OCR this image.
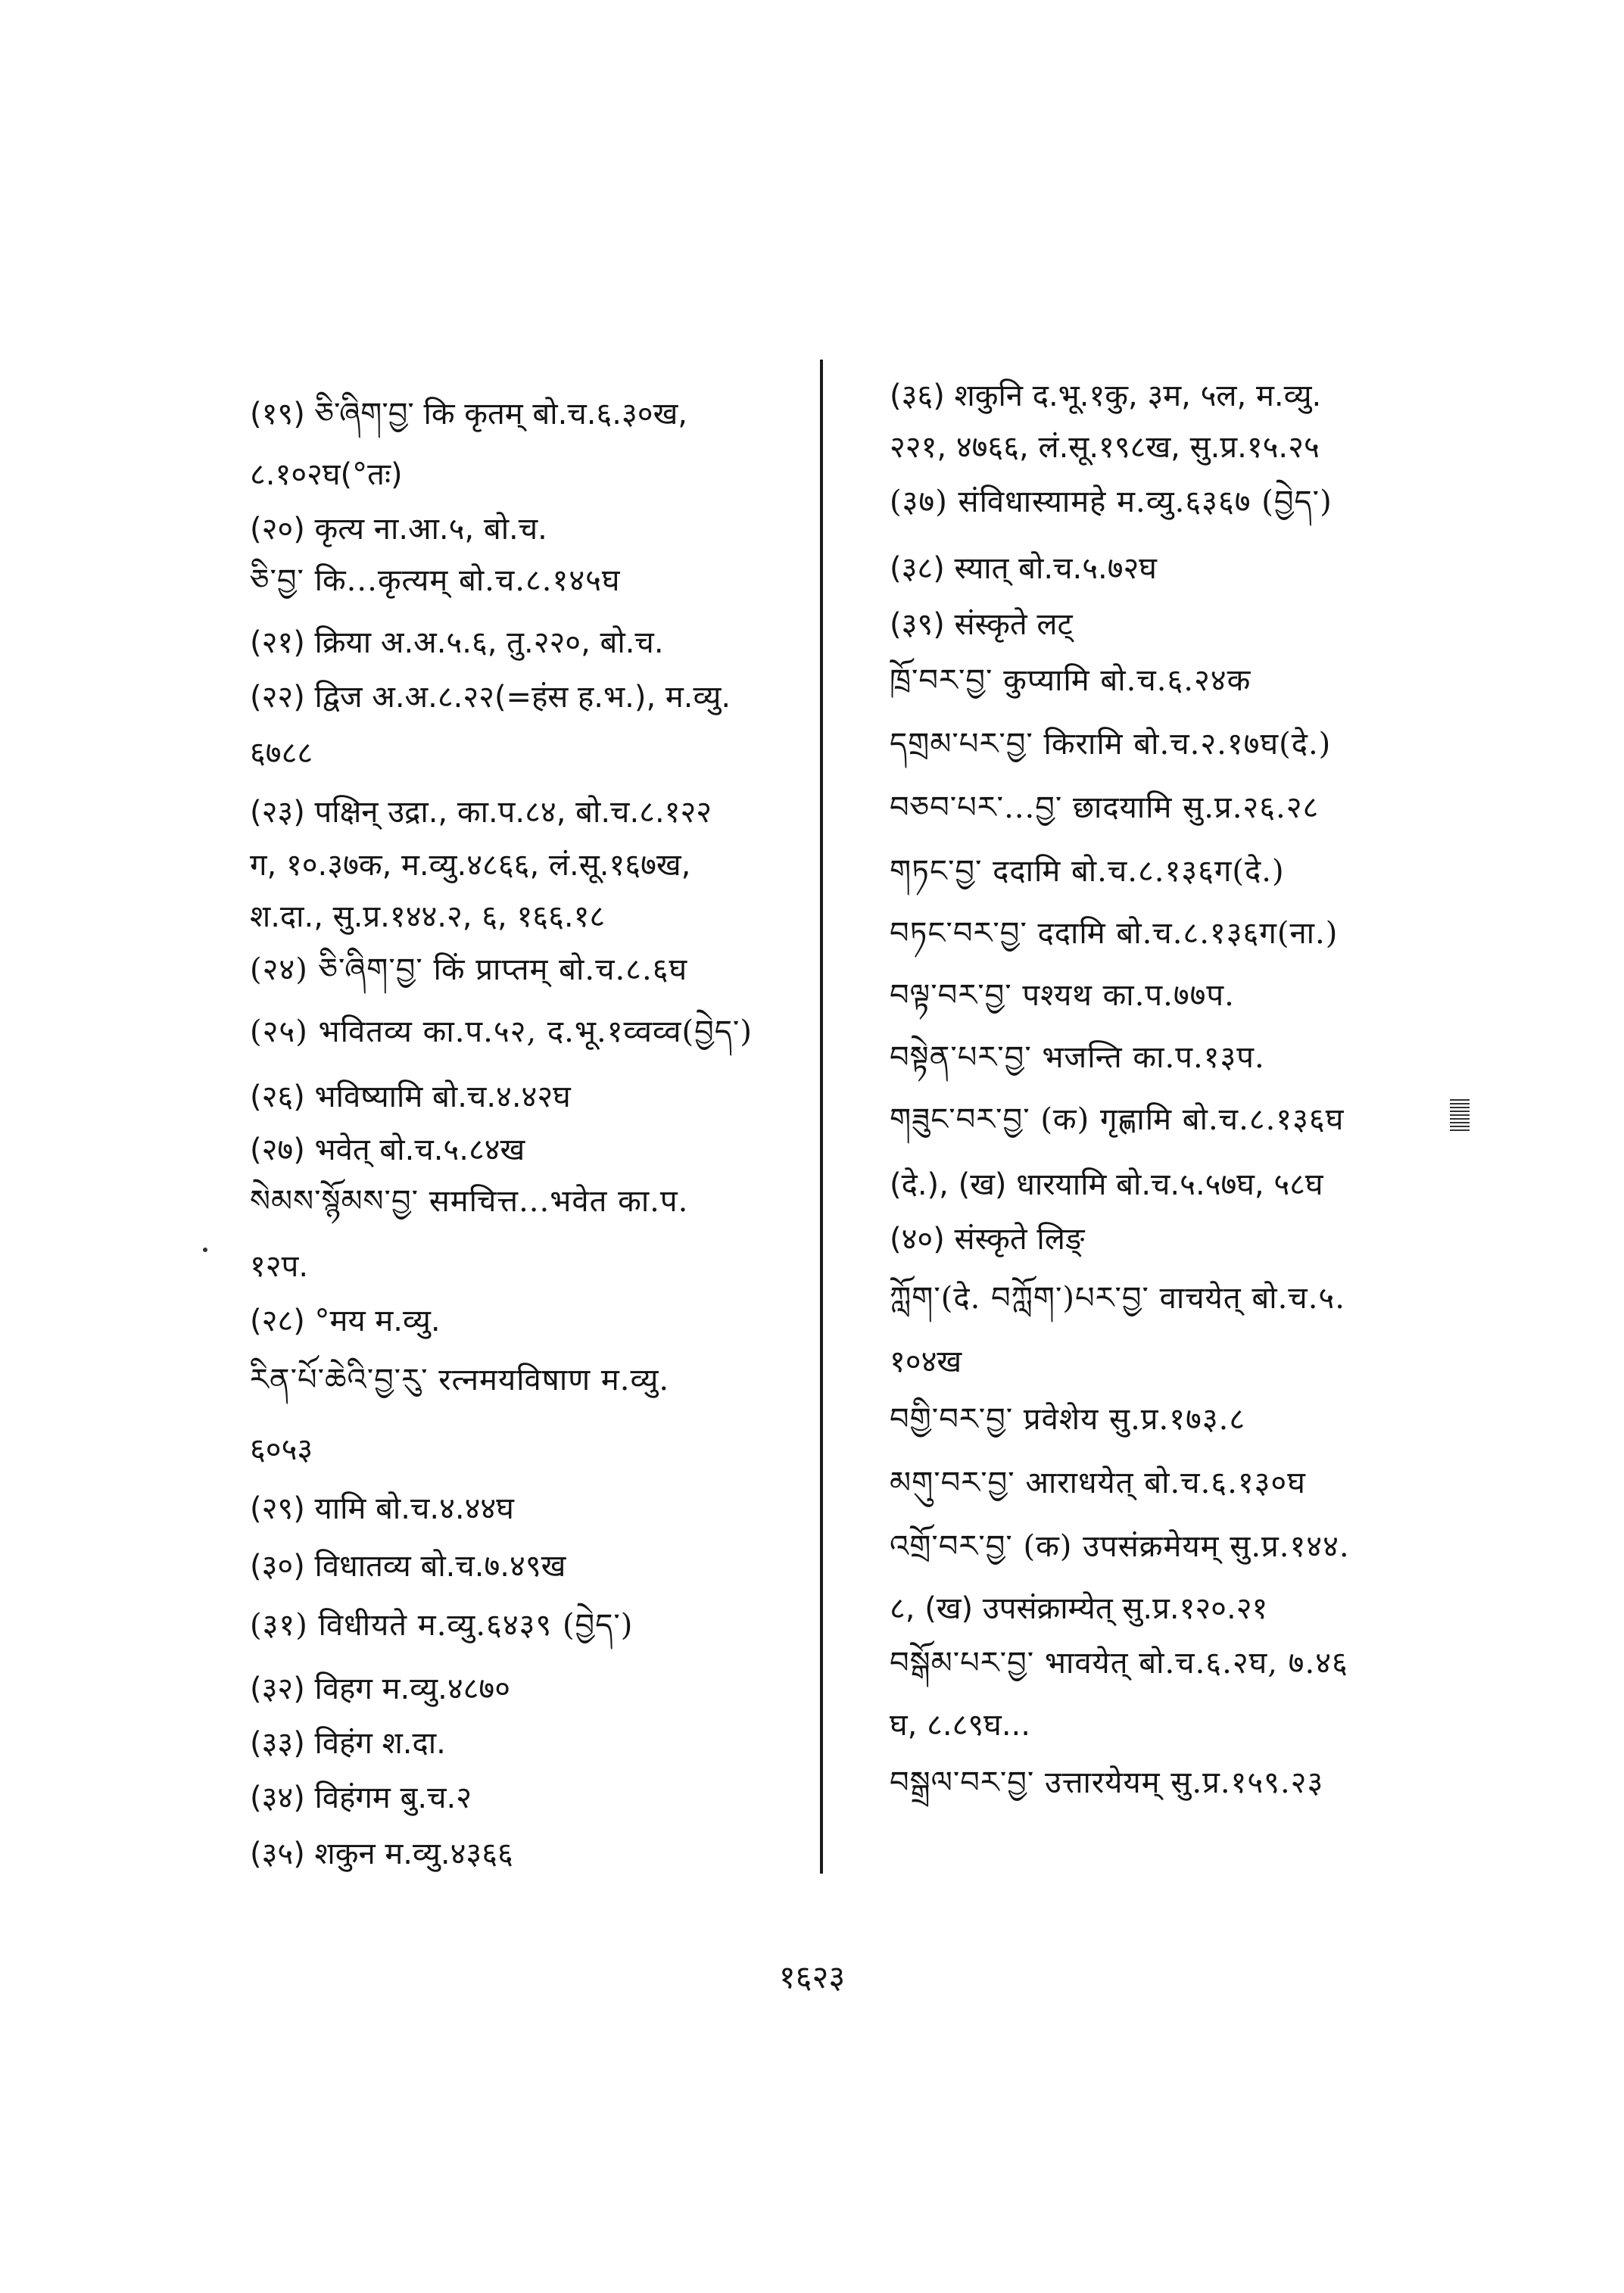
(१९) ཅི་ཞིག་བྱ་ कि कृतम् बो.च.६.३०ख,
८.१०२घ(°तः)
(२०) कृत्य ना.आ.५, बो.च.
ཅི་བྱ་ कि...कृत्यम् बो.च.८.१४५घ
(२१) क्रिया अ.अ.५.६, तु.२२०, बो.च.
(२२) द्विज अ.अ.८.२२(=हंस ह.भ.), म.व्यु.
६७८८
(२३) पक्षिन् उद्रा., का.प.८४, बो.च.८.१२२
ग, १०.३७क, म.व्यु.४८६६, लं.सू.१६७ख,
श.दा., सु.प्र.१४४.२, ६, १६६.१८
(२४) ཅི་ཞིག་བྱ་ किं प्राप्तम् बो.च.८.६घ
(२५) भवितव्य का.प.५२, द.भू.१व्वव्व(བྱེད་)
(२६) भविष्यामि बो.च.४.४२घ
(२७) भवेत् बो.च.५.८४ख
སེམས་སྙོམས་བྱ་ समचित्त...भवेत का.प.
१२प.
(२८) °मय म.व्यु.
རིན་པོ་ཆེའི་བྱ་རུ་ रत्नमयविषाण म.व्यु.
६०५३
(२९) यामि बो.च.४.४४घ
(३०) विधातव्य बो.च.७.४९ख
(३१) विधीयते म.व्यु.६४३९ (བྱེད་)
(३२) विहग म.व्यु.४८७०
(३३) विहंग श.दा.
(३४) विहंगम बु.च.२
(३५) शकुन म.व्यु.४३६६
(३६) शकुनि द.भू.१कु, ३म, ५ल, म.व्यु.
२२१, ४७६६, लं.सू.१९८ख, सु.प्र.१५.२५
(३७) संविधास्यामहे म.व्यु.६३६७ (བྱེད་)
(३८) स्यात् बो.च.५.७२घ
(३९) संस्कृते लट्
ཁྲོ་བར་བྱ་ कुप्यामि बो.च.६.२४क
དགྲམ་པར་བྱ་ किरामि बो.च.२.१७घ(दे.)
བཅབ་པར་...བྱ་ छादयामि सु.प्र.२६.२८
གཏང་བྱ་ ददामि बो.च.८.१३६ग(दे.)
བཏང་བར་བྱ་ ददामि बो.च.८.१३६ग(ना.)
བལྟ་བར་བྱ་ पश्यथ का.प.७७प.
བསྟེན་པར་བྱ་ भजन्ति का.प.१३प.
གཟུང་བར་བྱ་ (क) गृह्णामि बो.च.८.१३६घ
(दे.), (ख) धारयामि बो.च.५.५७घ, ५८घ
(४०) संस्कृते लिङ्
ཀློག་(दे. བཀློག་)པར་བྱ་ वाचयेत् बो.च.५.
१०४ख
བགྱི་བར་བྱ་ प्रवेशेय सु.प्र.१७३.८
མགུ་བར་བྱ་ आराधयेत् बो.च.६.१३०घ
འགྲོ་བར་བྱ་ (क) उपसंक्रमेयम् सु.प्र.१४४.
८, (ख) उपसंक्राम्येत् सु.प्र.१२०.२१
བསྒོམ་པར་བྱ་ भावयेत् बो.च.६.२घ, ७.४६
घ, ८.८९घ...
བསྒྲལ་བར་བྱ་ उत्तारयेयम् सु.प्र.१५९.२३
१६२३
